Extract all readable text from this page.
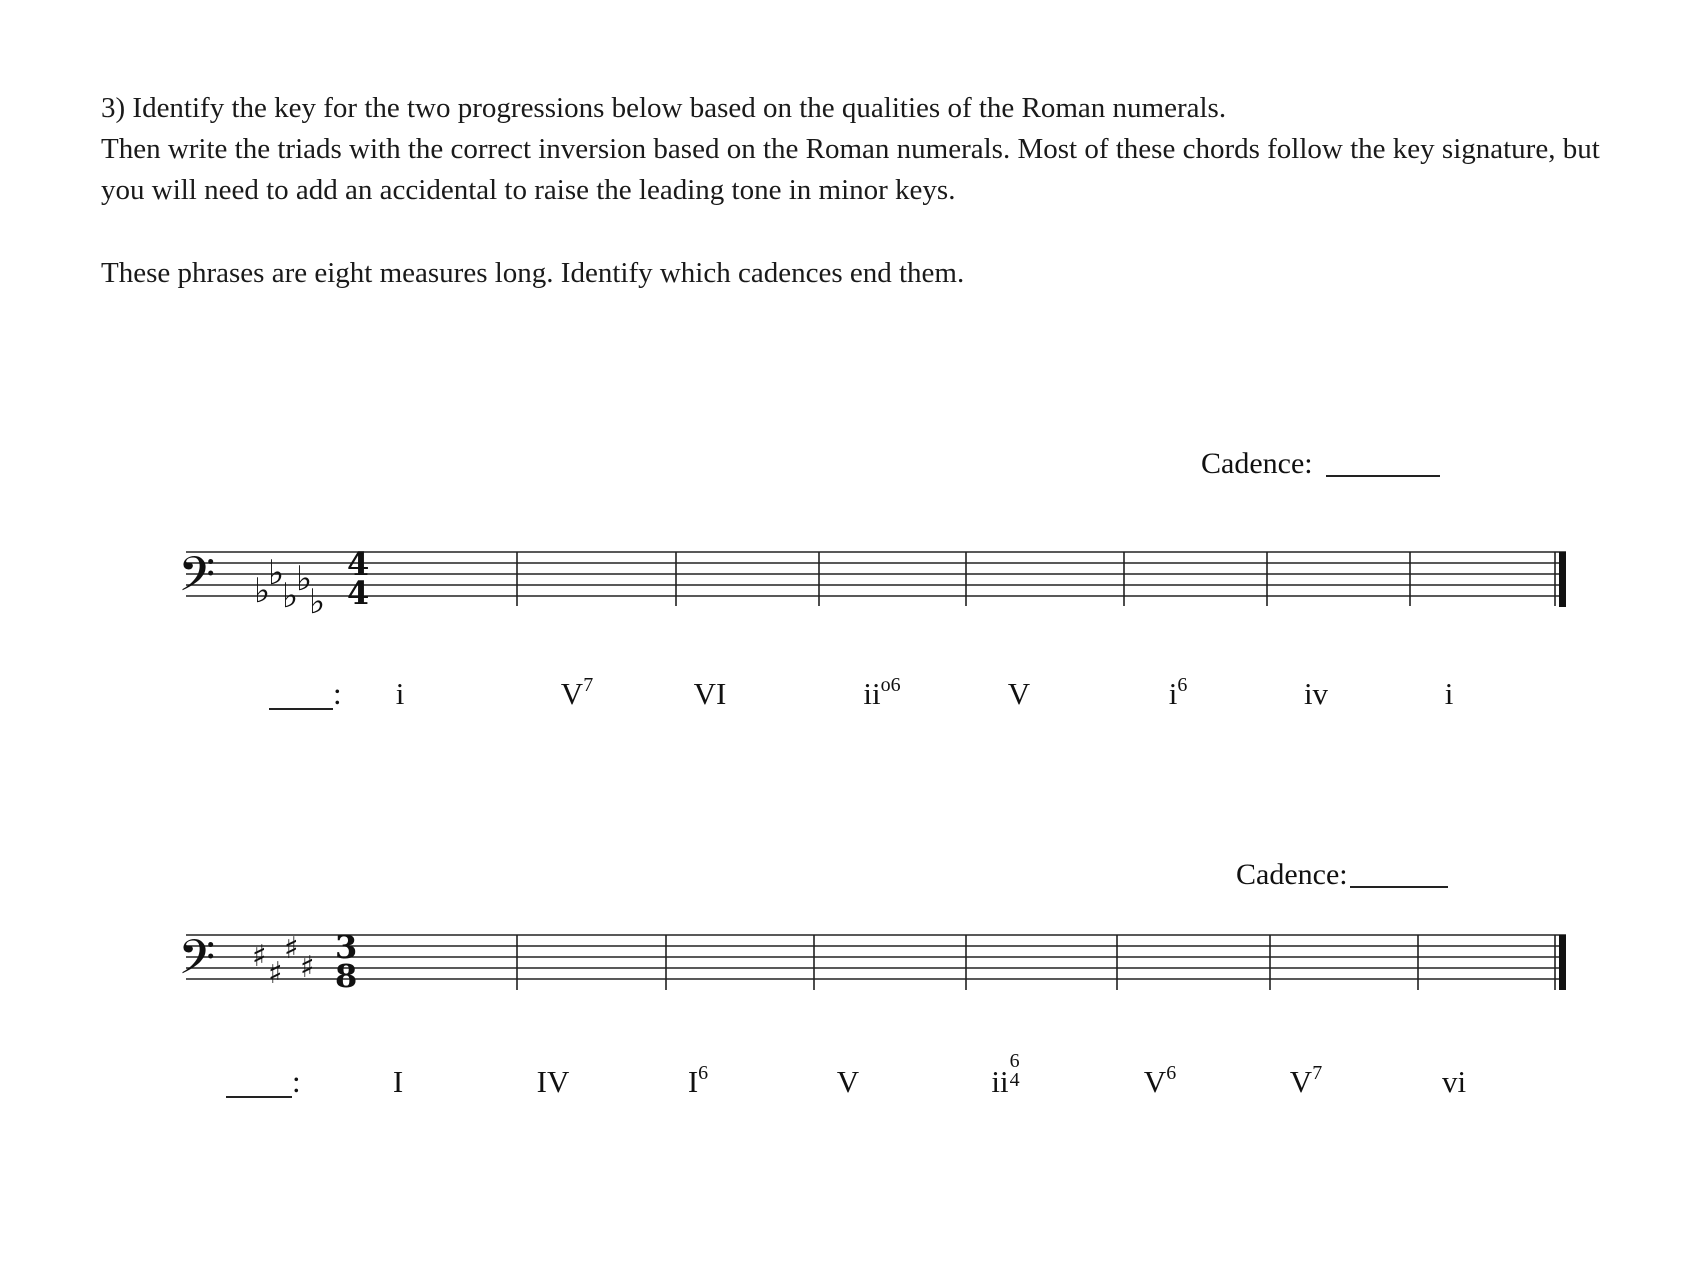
3) Identify the key for the two progressions below based on the qualities of the Roman numerals.

Then write the triads with the correct inversion based on the Roman numerals. Most of these chords follow the key signature, but you will need to add an accidental to raise the leading tone in minor keys.

These phrases are eight measures long. Identify which cadences end them.

Cadence:
𝄢 ♭
♭
♭
♭
♭
4
4
: i	$V^7$	VI	$ii^{o6}$	V	$i^6$	iv	i
Cadence:
𝄢 ♯ ♯
♯
♯
3
8
:	I	IV	$I^6$	V	ii
6
4	$V^6$	$V^7$	vi
